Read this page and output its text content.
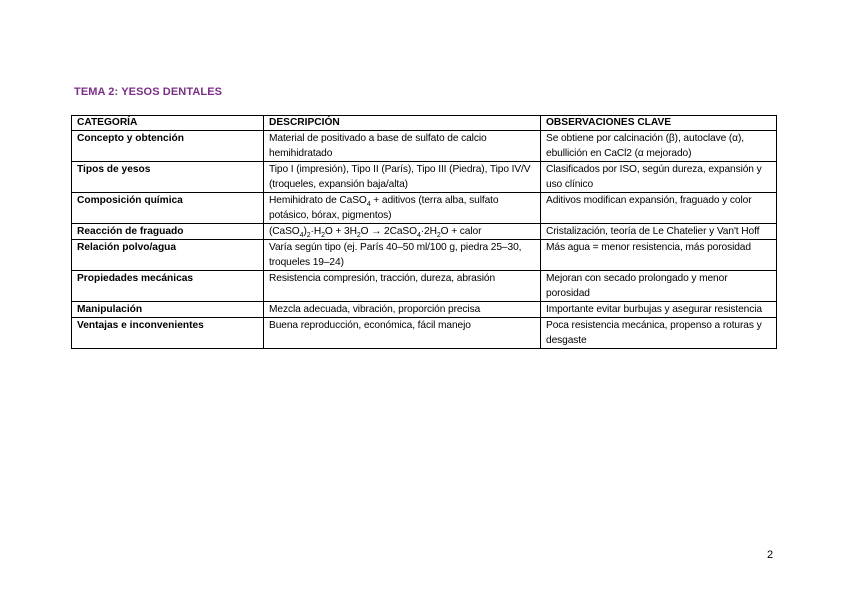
TEMA 2: YESOS DENTALES
CATEGORÍA	DESCRIPCIÓN	OBSERVACIONES CLAVE
Concepto y obtención	Material de positivado a base de sulfato de calcio hemihidratado	Se obtiene por calcinación (β), autoclave (α), ebullición en CaCl2 (α mejorado)
Tipos de yesos	Tipo I (impresión), Tipo II (París), Tipo III (Piedra), Tipo IV/V (troqueles, expansión baja/alta)	Clasificados por ISO, según dureza, expansión y uso clínico
Composición química	Hemihidrato de CaSO$_4$ + aditivos (terra alba, sulfato potásico, bórax, pigmentos)	Aditivos modifican expansión, fraguado y color
Reacción de fraguado	$(CaSO_4)_2\cdot H_2O + 3H_2O$ → $2CaSO_4\cdot 2H_2O$ + calor	Cristalización, teoría de Le Chatelier y Van't Hoff
Relación polvo/agua	Varía según tipo (ej. París 40–50 ml/100 g, piedra 25–30, troqueles 19–24)	Más agua = menor resistencia, más porosidad
Propiedades mecánicas	Resistencia compresión, tracción, dureza, abrasión	Mejoran con secado prolongado y menor porosidad
Manipulación	Mezcla adecuada, vibración, proporción precisa	Importante evitar burbujas y asegurar resistencia
Ventajas e inconvenientes	Buena reproducción, económica, fácil manejo	Poca resistencia mecánica, propenso a roturas y desgaste
2
